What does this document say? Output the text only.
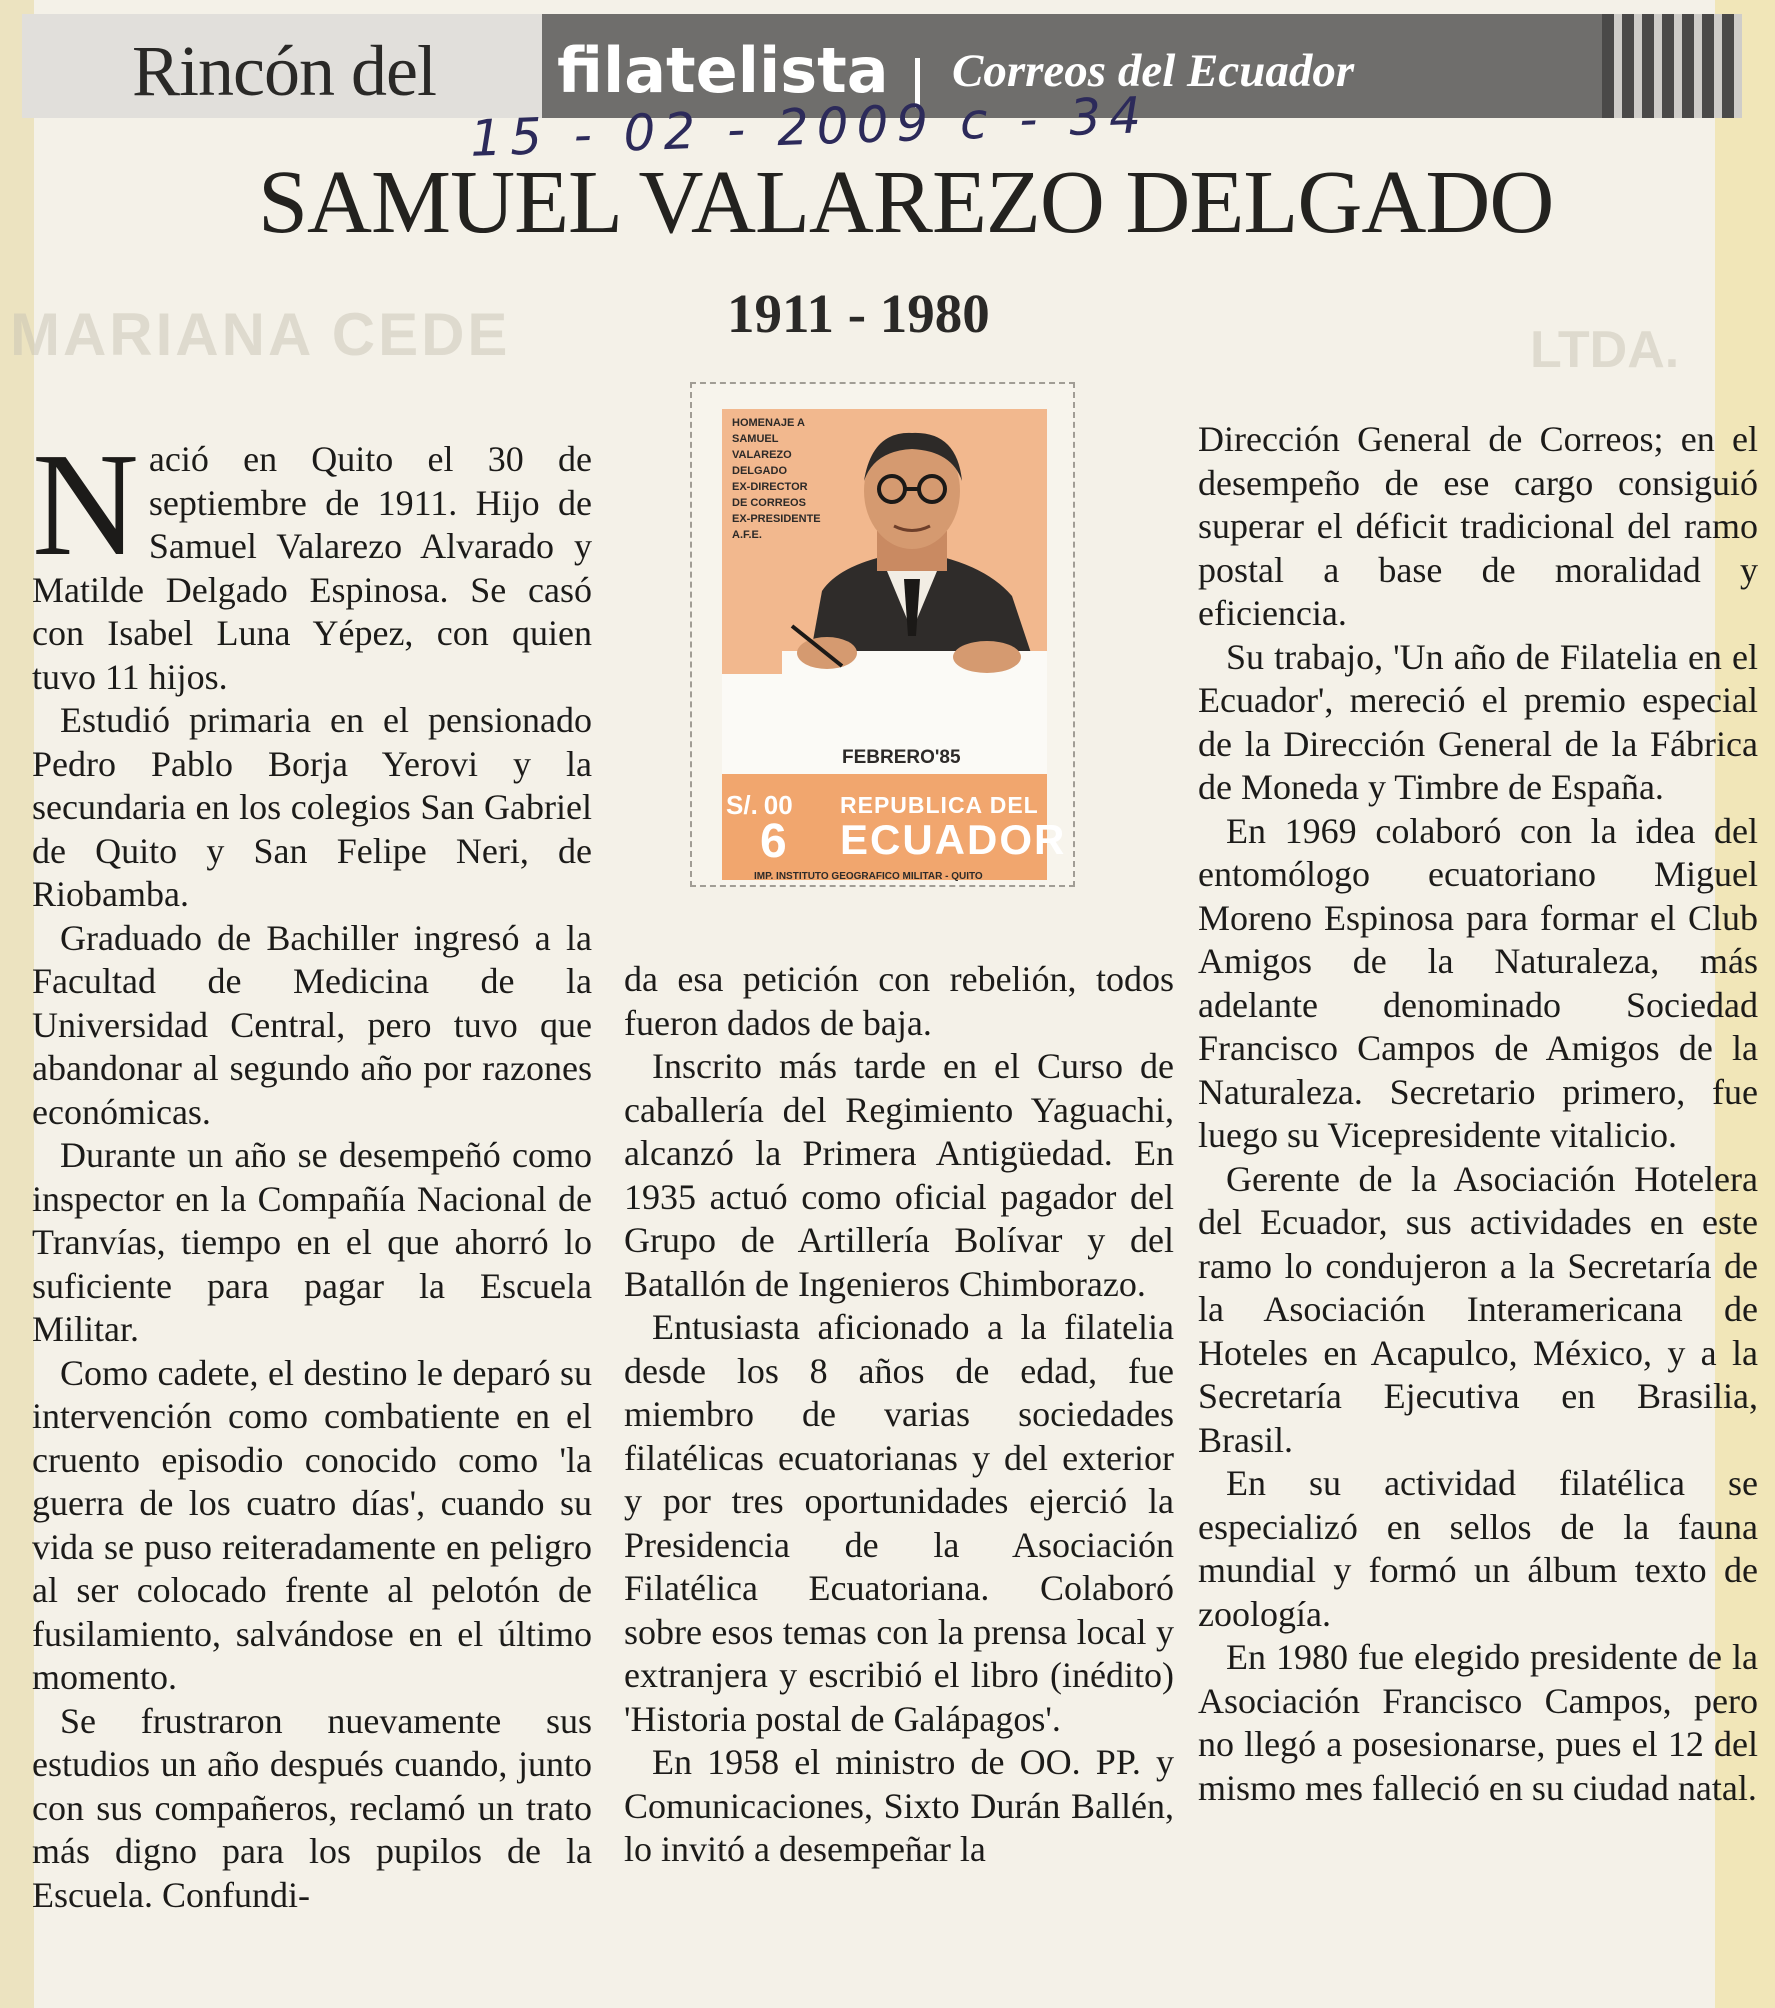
LTDA.
MARIANA CEDE
Rincón del filatelista Correos del Ecuador
15 - 02 - 2009 c - 34
SAMUEL VALAREZO DELGADO
1911 - 1980
HOMENAJE A
SAMUEL
VALAREZO
DELGADO
EX-DIRECTOR
DE CORREOS
EX-PRESIDENTE
A.F.E.
FEBRERO'85
S/. 00
6
REPUBLICA DEL
ECUADOR
IMP. INSTITUTO GEOGRAFICO MILITAR - QUITO

Nació en Quito el 30 de septiembre de 1911. Hijo de Samuel Valarezo Alvarado y Matilde Delgado Espinosa. Se casó con Isabel Luna Yépez, con quien tuvo 11 hijos.

Estudió primaria en el pensionado Pedro Pablo Borja Yerovi y la secundaria en los colegios San Gabriel de Quito y San Felipe Neri, de Riobamba.

Graduado de Bachiller ingresó a la Facultad de Medicina de la Universidad Central, pero tuvo que abandonar al segundo año por razones económicas.

Durante un año se desempeñó como inspector en la Compañía Nacional de Tranvías, tiempo en el que ahorró lo suficiente para pagar la Escuela Militar.

Como cadete, el destino le deparó su intervención como combatiente en el cruento episodio conocido como 'la guerra de los cuatro días', cuando su vida se puso reiteradamente en peligro al ser colocado frente al pelotón de fusilamiento, salvándose en el último momento.

Se frustraron nuevamente sus estudios un año después cuando, junto con sus compañeros, reclamó un trato más digno para los pupilos de la Escuela. Confundi-

da esa petición con rebelión, todos fueron dados de baja.

Inscrito más tarde en el Curso de caballería del Regimiento Yaguachi, alcanzó la Primera Antigüedad. En 1935 actuó como oficial pagador del Grupo de Artillería Bolívar y del Batallón de Ingenieros Chimborazo.

Entusiasta aficionado a la filatelia desde los 8 años de edad, fue miembro de varias sociedades filatélicas ecuatorianas y del exterior y por tres oportunidades ejerció la Presidencia de la Asociación Filatélica Ecuatoriana. Colaboró sobre esos temas con la prensa local y extranjera y escribió el libro (inédito) 'Historia postal de Galápagos'.

En 1958 el ministro de OO. PP. y Comunicaciones, Sixto Durán Ballén, lo invitó a desempeñar la

Dirección General de Correos; en el desempeño de ese cargo consiguió superar el déficit tradicional del ramo postal a base de moralidad y eficiencia.

Su trabajo, 'Un año de Filatelia en el Ecuador', mereció el premio especial de la Dirección General de la Fábrica de Moneda y Timbre de España.

En 1969 colaboró con la idea del entomólogo ecuatoriano Miguel Moreno Espinosa para formar el Club Amigos de la Naturaleza, más adelante denominado Sociedad Francisco Campos de Amigos de la Naturaleza. Secretario primero, fue luego su Vicepresidente vitalicio.

Gerente de la Asociación Hotelera del Ecuador, sus actividades en este ramo lo condujeron a la Secretaría de la Asociación Interamericana de Hoteles en Acapulco, México, y a la Secretaría Ejecutiva en Brasilia, Brasil.

En su actividad filatélica se especializó en sellos de la fauna mundial y formó un álbum texto de zoología.

En 1980 fue elegido presidente de la Asociación Francisco Campos, pero no llegó a posesionarse, pues el 12 del mismo mes falleció en su ciudad natal.
